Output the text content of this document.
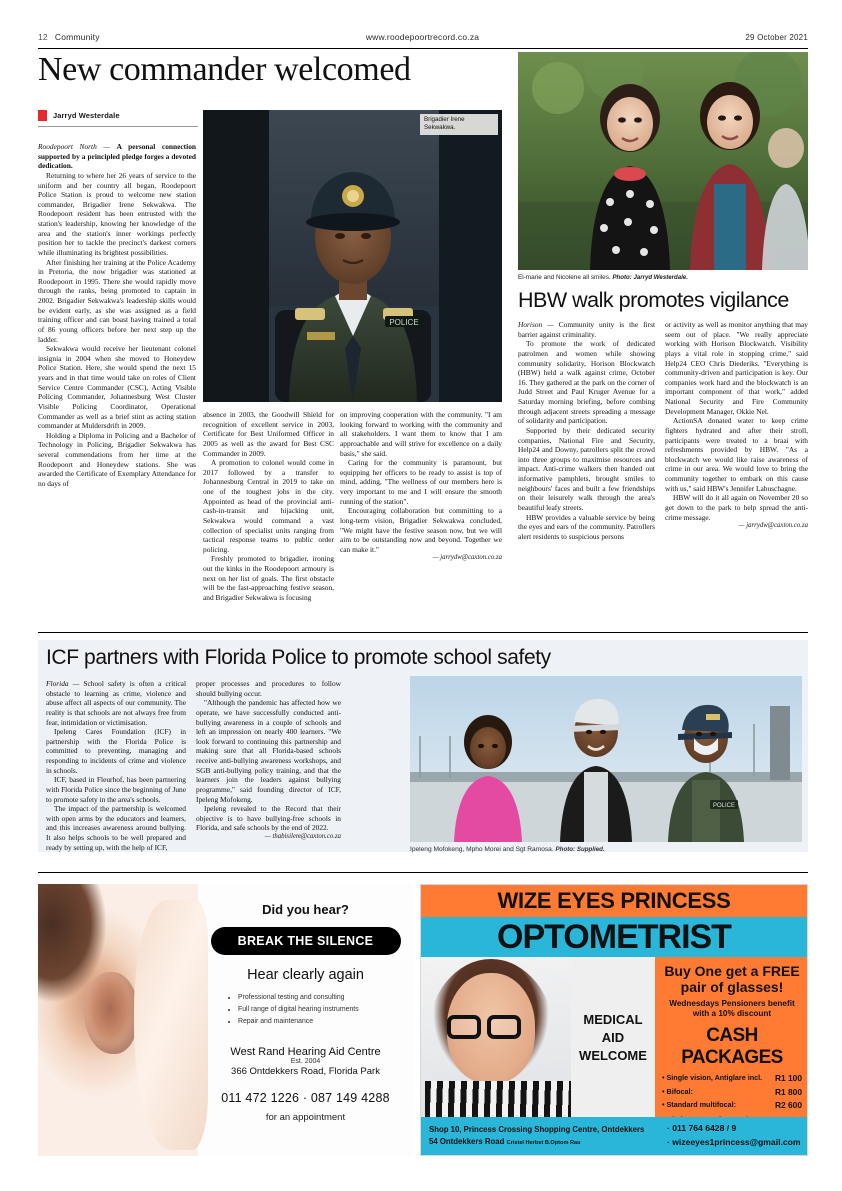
12 Community	www.roodepoortrecord.co.za	29 October 2021
New commander welcomed
Jarryd Westerdale
POLICE
Brigadier Irene Sekwakwa.
El-marie and Nicolene all smiles. Photo: Jarryd Westerdale.

Roodepoort North — A personal connection supported by a principled pledge forges a devoted dedication.

Returning to where her 26 years of service to the uniform and her country all began, Roodepoort Police Station is proud to welcome new station commander, Brigadier Irene Sekwakwa. The Roodepoort resident has been entrusted with the station's leadership, knowing her knowledge of the area and the station's inner workings perfectly position her to tackle the precinct's darkest corners while illuminating its brightest possibilities.

After finishing her training at the Police Academy in Pretoria, the now brigadier was stationed at Roodepoort in 1995. There she would rapidly move through the ranks, being promoted to captain in 2002. Brigadier Sekwakwa's leadership skills would be evident early, as she was assigned as a field training officer and can boast having trained a total of 86 young officers before her next step up the ladder.

Sekwakwa would receive her lieutenant colonel insignia in 2004 when she moved to Honeydew Police Station. Here, she would spend the next 15 years and in that time would take on roles of Client Service Centre Commander (CSC), Acting Visible Policing Commander, Johannesburg West Cluster Visible Policing Coordinator, Operational Commander as well as a brief stint as acting station commander at Muldersdrift in 2009.

Holding a Diploma in Policing and a Bachelor of Technology in Policing, Brigadier Sekwakwa has several commendations from her time at the Roodepoort and Honeydew stations. She was awarded the Certificate of Exemplary Attendance for no days of

absence in 2003, the Goodwill Shield for recognition of excellent service in 2003, Certificate for Best Uniformed Officer in 2005 as well as the award for Best CSC Commander in 2009.

A promotion to colonel would come in 2017 followed by a transfer to Johannesburg Central in 2019 to take on one of the toughest jobs in the city. Appointed as head of the provincial anti-cash-in-transit and hijacking unit, Sekwakwa would command a vast collection of specialist units ranging from tactical response teams to public order policing.

Freshly promoted to brigadier, ironing out the kinks in the Roodepoort armoury is next on her list of goals. The first obstacle will be the fast-approaching festive season, and Brigadier Sekwakwa is focusing

on improving cooperation with the community. "I am looking forward to working with the community and all stakeholders. I want them to know that I am approachable and will strive for excellence on a daily basis," she said.

Caring for the community is paramount, but equipping her officers to be ready to assist is top of mind, adding, "The wellness of our members here is very important to me and I will ensure the smooth running of the station".

Encouraging collaboration but committing to a long-term vision, Brigadier Sekwakwa concluded, "We might have the festive season now, but we will aim to be outstanding now and beyond. Together we can make it."

— jarrydw@caxton.co.za

HBW walk promotes vigilance

Horison — Community unity is the first barrier against criminality.

To promote the work of dedicated patrolmen and women while showing community solidarity, Horison Blockwatch (HBW) held a walk against crime, October 16. They gathered at the park on the corner of Judd Street and Paul Kruger Avenue for a Saturday morning briefing, before combing through adjacent streets spreading a message of solidarity and participation.

Supported by their dedicated security companies, National Fire and Security, Help24 and Downy, patrollers split the crowd into three groups to maximise resources and impact. Anti-crime walkers then handed out informative pamphlets, brought smiles to neighbours' faces and built a few friendships on their leisurely walk through the area's beautiful leafy streets.

HBW provides a valuable service by being the eyes and ears of the community. Patrollers alert residents to suspicious persons

or activity as well as monitor anything that may seem out of place. "We really appreciate working with Horison Blockwatch. Visibility plays a vital role in stopping crime," said Help24 CEO Chris Diederiks. "Everything is community-driven and participation is key. Our companies work hard and the blockwatch is an important component of that work," added National Security and Fire Community Development Manager, Okkie Nel.

ActionSA donated water to keep crime fighters hydrated and after their stroll, participants were treated to a braai with refreshments provided by HBW. "As a blockwatch we would like raise awareness of crime in our area. We would love to bring the community together to embark on this cause with us," said HBW's Jennifer Labuschagne.

HBW will do it all again on November 20 so get down to the park to help spread the anti-crime message.

— jarrydw@caxton.co.za

ICF partners with Florida Police to promote school safety

Florida — School safety is often a critical obstacle to learning as crime, violence and abuse affect all aspects of our community. The reality is that schools are not always free from fear, intimidation or victimisation.

Ipeleng Cares Foundation (ICF) in partnership with the Florida Police is committed to preventing, managing and responding to incidents of crime and violence in schools.

ICF, based in Fleurhof, has been partnering with Florida Police since the beginning of June to promote safety in the area's schools.

The impact of the partnership is welcomed with open arms by the educators and learners, and this increases awareness around bullying. It also helps schools to be well prepared and ready by setting up, with the help of ICF,

proper processes and procedures to follow should bullying occur.

"Although the pandemic has affected how we operate, we have successfully conducted anti-bullying awareness in a couple of schools and left an impression on nearly 400 learners. "We look forward to continuing this partnership and making sure that all Florida-based schools receive anti-bullying awareness workshops, and SGB anti-bullying policy training, and that the learners join the leaders against bullying programme," said founding director of ICF, Ipeleng Mofokeng.

Ipeleng revealed to the Record that their objective is to have bullying-free schools in Florida, and safe schools by the end of 2022.

— thabisilem@caxton.co.za

POLICE
Ipeleng Mofokeng, Mpho Morei and Sgt Ramosa. Photo: Supplied.
Did you hear?
BREAK THE SILENCE
Hear clearly again
• Professional testing and consulting
• Full range of digital hearing instruments
• Repair and maintenance
West Rand Hearing Aid Centre
Est. 2004
366 Ontdekkers Road, Florida Park
011 472 1226 · 087 149 4288
for an appointment
WIZE EYES PRINCESS
OPTOMETRIST
MEDICAL
AID
WELCOME
Buy One get a FREE
pair of glasses!
Wednesdays Pensioners benefit
with a 10% discount
CASH PACKAGES
• Single vision, Antiglare incl. R1 100
• Bifocal:	R1 800
• Standard multifocal:	R2 600
Shop 10, Princess Crossing Shopping Centre, Ontdekkers
54 Ontdekkers Road Cristel Herbst B.Optom Rau
· 011 764 6428 / 9
· wizeeyes1princess@gmail.com
